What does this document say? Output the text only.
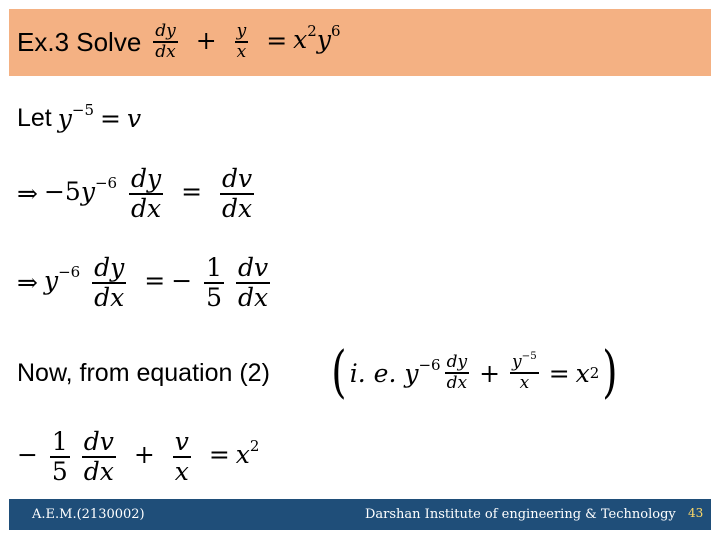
Ex.3 Solve $\frac{dy}{dx} + \frac{y}{x} = x^2y^6$
Let $y^{-5} = v$
⇒ $-5y^{-6} \frac{dy}{dx} = \frac{dv}{dx}$
⇒ $y^{-6} \frac{dy}{dx}$ = − $\frac{1}{5}$
$\frac{dv}{dx}$
Now, from equation (2) ( i. e. $y^{-6} \frac{dy}{dx} + \frac{y^{-5}}{x} = x$ 2 )
− $\frac{1}{5}$
$\frac{dv}{dx} + \frac{v}{x} = x^2$
A.E.M.(2130002)	Darshan Institute of engineering & Technology 43
